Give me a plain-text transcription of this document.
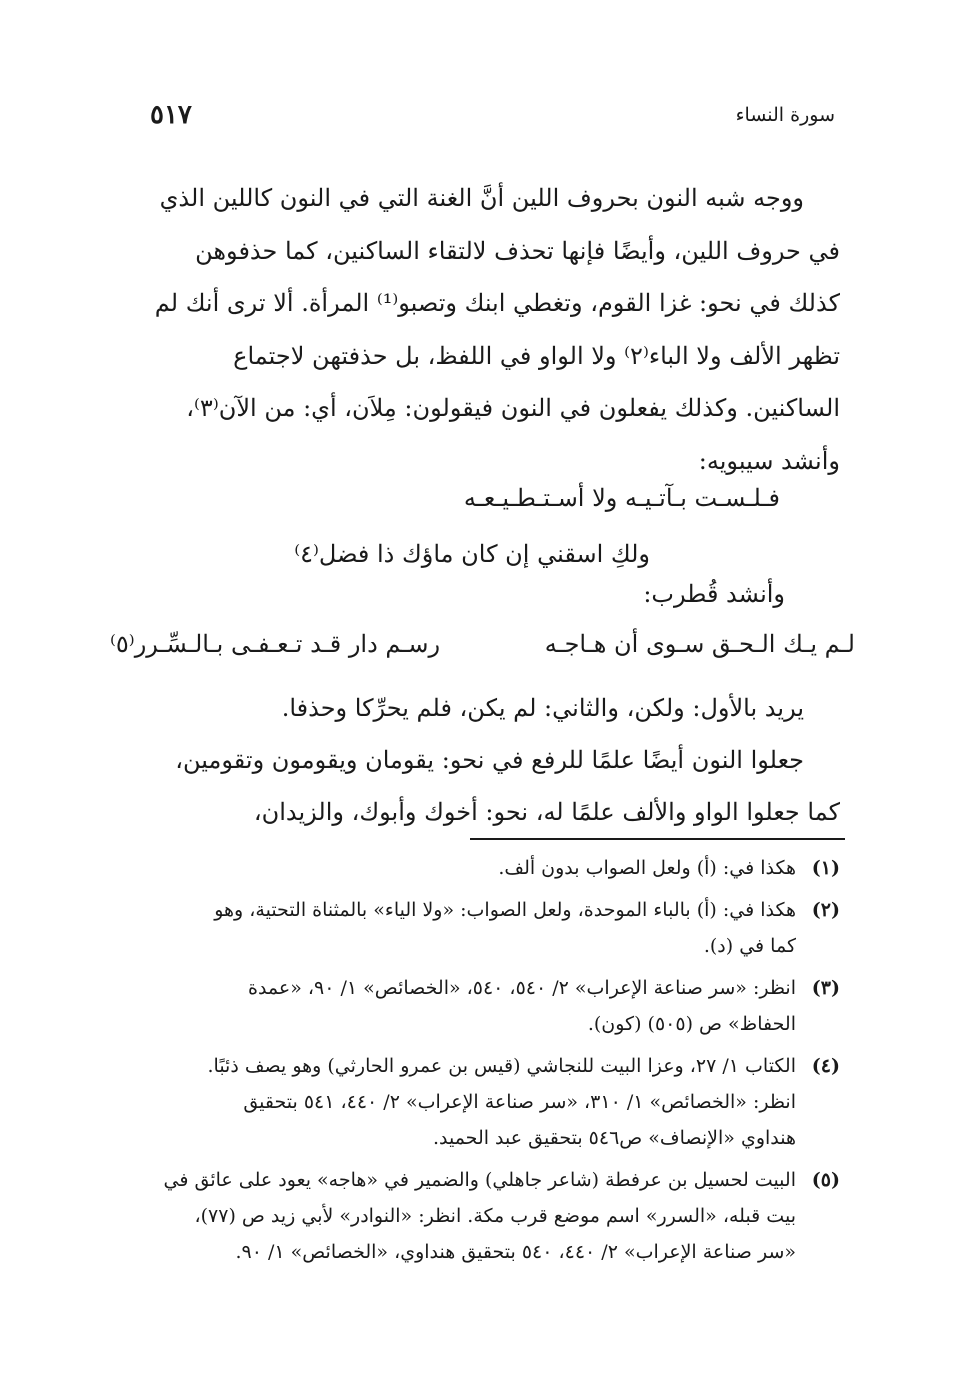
سورة النساء
٥١٧
ووجه شبه النون بحروف اللين أنَّ الغنة التي في النون كاللين الذي
في حروف اللين، وأيضًا فإنها تحذف لالتقاء الساكنين، كما حذفوهن
كذلك في نحو: غزا القوم، وتغطي ابنك وتصبو⁽¹⁾ المرأة. ألا ترى أنك لم
تظهر الألف ولا الباء⁽٢⁾ ولا الواو في اللفظ، بل حذفتهن لاجتماع
الساكنين. وكذلك يفعلون في النون فيقولون: مِلاَن، أي: من الآن⁽٣⁾،
وأنشد سيبويه:
فـلـسـت بـآتـيـه ولا أسـتـطـيـعـه
ولكِ اسقني إن كان ماؤك ذا فضل⁽٤⁾
وأنشد قُطرب:
لـم يـك الـحـق سـوى أن هـاجـه
رسـم دار قـد تـعـفـى بـالـسِّـرر⁽٥⁾
يريد بالأول: ولكن، والثاني: لم يكن، فلم يحرِّكا وحذفا.
جعلوا النون أيضًا علمًا للرفع في نحو: يقومان ويقومون وتقومين،
كما جعلوا الواو والألف علمًا له، نحو: أخوك وأبوك، والزيدان،
(١)
هكذا في: (أ) ولعل الصواب بدون ألف.
(٢)
هكذا في: (أ) بالباء الموحدة، ولعل الصواب: «ولا الياء» بالمثناة التحتية، وهو
كما في (د).
(٣)
انظر: «سر صناعة الإعراب» ٢/ ٥٤٠، ٥٤٠، «الخصائص» ١/ ٩٠، «عمدة
الحفاظ» ص (٥٠٥) (كون).
(٤)
الكتاب ١/ ٢٧، وعزا البيت للنجاشي (قيس بن عمرو الحارثي) وهو يصف ذئبًا.
انظر: «الخصائص» ١/ ٣١٠، «سر صناعة الإعراب» ٢/ ٤٤٠، ٥٤١ بتحقيق
هنداوي «الإنصاف» ص٥٤٦ بتحقيق عبد الحميد.
(٥)
البيت لحسيل بن عرفطة (شاعر جاهلي) والضمير في «هاجه» يعود على عائق في
بيت قبله، «السرر» اسم موضع قرب مكة. انظر: «النوادر» لأبي زيد ص (٧٧)،
«سر صناعة الإعراب» ٢/ ٤٤٠، ٥٤٠ بتحقيق هنداوي، «الخصائص» ١/ ٩٠.
